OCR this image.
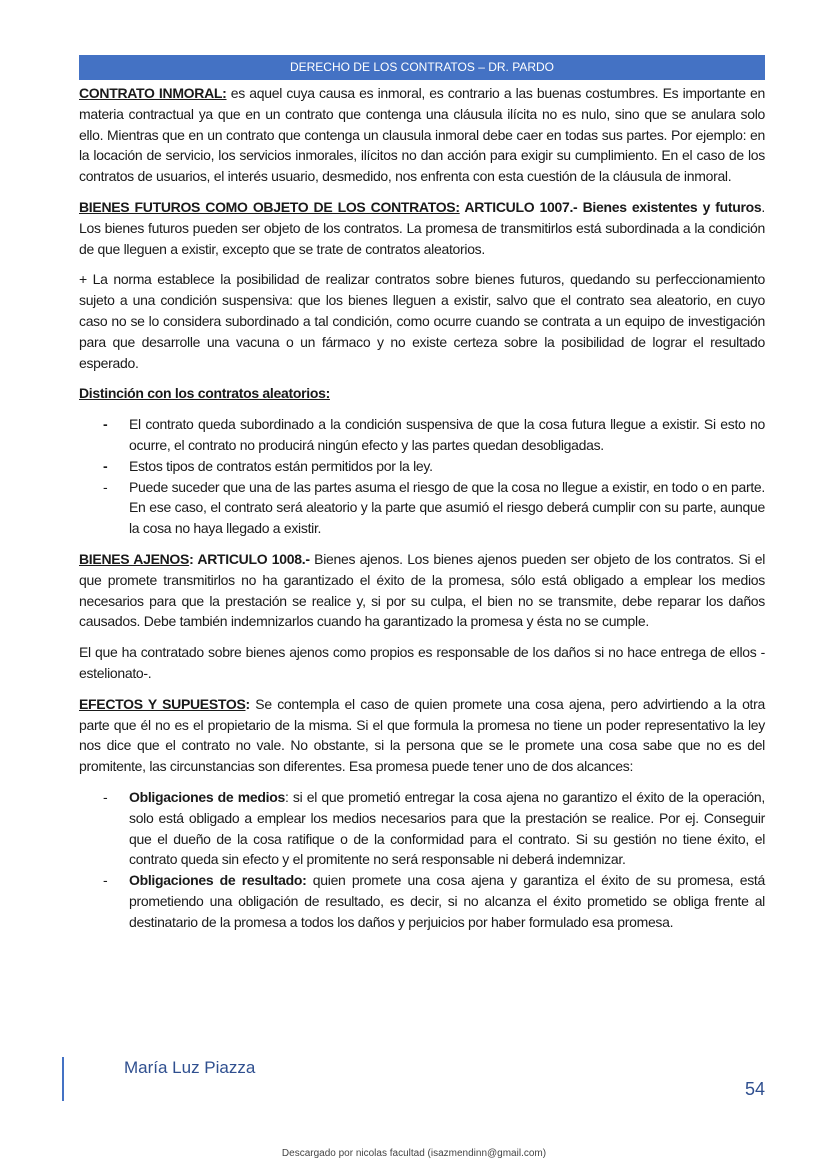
DERECHO DE LOS CONTRATOS – DR. PARDO

CONTRATO INMORAL: es aquel cuya causa es inmoral, es contrario a las buenas costumbres. Es importante en materia contractual ya que en un contrato que contenga una cláusula ilícita no es nulo, sino que se anulara solo ello. Mientras que en un contrato que contenga un clausula inmoral debe caer en todas sus partes. Por ejemplo: en la locación de servicio, los servicios inmorales, ilícitos no dan acción para exigir su cumplimiento. En el caso de los contratos de usuarios, el interés usuario, desmedido, nos enfrenta con esta cuestión de la cláusula de inmoral.

BIENES FUTUROS COMO OBJETO DE LOS CONTRATOS: ARTICULO 1007.- Bienes existentes y futuros. Los bienes futuros pueden ser objeto de los contratos. La promesa de transmitirlos está subordinada a la condición de que lleguen a existir, excepto que se trate de contratos aleatorios.

+ La norma establece la posibilidad de realizar contratos sobre bienes futuros, quedando su perfeccionamiento sujeto a una condición suspensiva: que los bienes lleguen a existir, salvo que el contrato sea aleatorio, en cuyo caso no se lo considera subordinado a tal condición, como ocurre cuando se contrata a un equipo de investigación para que desarrolle una vacuna o un fármaco y no existe certeza sobre la posibilidad de lograr el resultado esperado.

Distinción con los contratos aleatorios:

- El contrato queda subordinado a la condición suspensiva de que la cosa futura llegue a existir. Si esto no ocurre, el contrato no producirá ningún efecto y las partes quedan desobligadas.
- Estos tipos de contratos están permitidos por la ley.
- Puede suceder que una de las partes asuma el riesgo de que la cosa no llegue a existir, en todo o en parte. En ese caso, el contrato será aleatorio y la parte que asumió el riesgo deberá cumplir con su parte, aunque la cosa no haya llegado a existir.

BIENES AJENOS: ARTICULO 1008.- Bienes ajenos. Los bienes ajenos pueden ser objeto de los contratos. Si el que promete transmitirlos no ha garantizado el éxito de la promesa, sólo está obligado a emplear los medios necesarios para que la prestación se realice y, si por su culpa, el bien no se transmite, debe reparar los daños causados. Debe también indemnizarlos cuando ha garantizado la promesa y ésta no se cumple.

El que ha contratado sobre bienes ajenos como propios es responsable de los daños si no hace entrega de ellos -estelionato-.

EFECTOS Y SUPUESTOS: Se contempla el caso de quien promete una cosa ajena, pero advirtiendo a la otra parte que él no es el propietario de la misma. Si el que formula la promesa no tiene un poder representativo la ley nos dice que el contrato no vale. No obstante, si la persona que se le promete una cosa sabe que no es del promitente, las circunstancias son diferentes. Esa promesa puede tener uno de dos alcances:

- Obligaciones de medios: si el que prometió entregar la cosa ajena no garantizo el éxito de la operación, solo está obligado a emplear los medios necesarios para que la prestación se realice. Por ej. Conseguir que el dueño de la cosa ratifique o de la conformidad para el contrato. Si su gestión no tiene éxito, el contrato queda sin efecto y el promitente no será responsable ni deberá indemnizar.
- Obligaciones de resultado: quien promete una cosa ajena y garantiza el éxito de su promesa, está prometiendo una obligación de resultado, es decir, si no alcanza el éxito prometido se obliga frente al destinatario de la promesa a todos los daños y perjuicios por haber formulado esa promesa.
María Luz Piazza
54
Descargado por nicolas facultad (isazmendinn@gmail.com)
